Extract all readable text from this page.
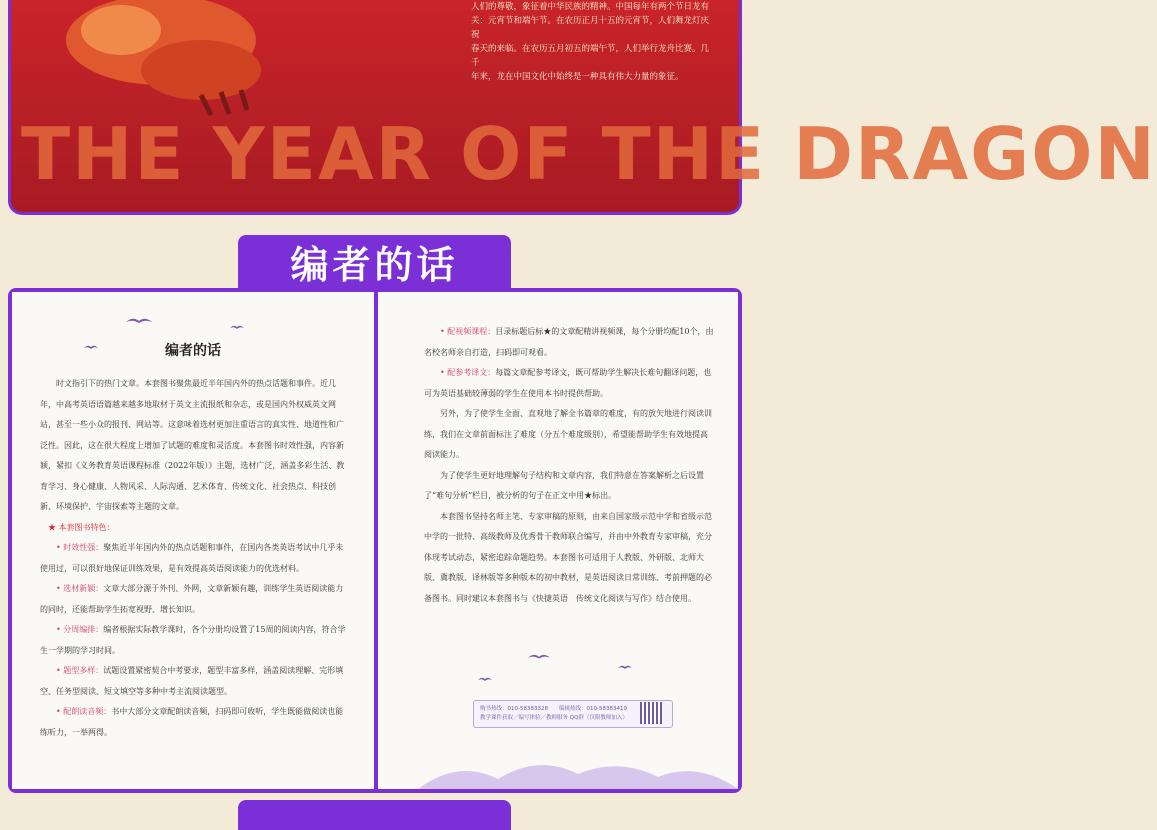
人们的尊敬，象征着中华民族的精神。中国每年有两个节日龙有
关：元宵节和端午节。在农历正月十五的元宵节，人们舞龙灯庆祝
春天的来临。在农历五月初五的端午节，人们举行龙舟比赛。几千
年来，龙在中国文化中始终是一种具有伟大力量的象征。
THE YEAR OF THE DRAGON
编者的话
编者的话

时文指引下的热门文章。本套图书聚焦最近半年国内外的热点话题和事件。近几年，中高考英语语篇越来越多地取材于英文主流报纸和杂志，或是国内外权威英文网站，甚至一些小众的报刊、网站等。这意味着选材更加注重语言的真实性、地道性和广泛性。因此，这在很大程度上增加了试题的难度和灵活度。本套图书时效性强，内容新颖，紧扣《义务教育英语课程标准（2022年版）》主题，选材广泛，涵盖多彩生活、教育学习、身心健康、人物风采、人际沟通、艺术体育、传统文化、社会热点、科技创新、环境保护、宇宙探索等主题的文章。

★ 本套图书特色：

• 时效性强：聚焦近半年国内外的热点话题和事件，在国内各类英语考试中几乎未使用过，可以很好地保证训练效果，是有效提高英语阅读能力的优选材料。

• 选材新颖：文章大部分源于外刊、外网，文章新颖有趣，训练学生英语阅读能力的同时，还能帮助学生拓宽视野、增长知识。

• 分周编排：编者根据实际教学课时，各个分册均设置了15周的阅读内容，符合学生一学期的学习时间。

• 题型多样：试题设置紧密契合中考要求，题型丰富多样，涵盖阅读理解、完形填空、任务型阅读、短文填空等多种中考主流阅读题型。

• 配朗读音频：书中大部分文章配朗读音频，扫码即可收听，学生既能做阅读也能练听力，一举两得。

• 配视频课程：目录标题后标★的文章配精讲视频课，每个分册均配10个，由名校名师亲自打造，扫码即可观看。

• 配参考译文：每篇文章配参考译文，既可帮助学生解决长难句翻译问题，也可为英语基础较薄弱的学生在使用本书时提供帮助。

另外，为了使学生全面、直观地了解全书篇章的难度，有的放矢地进行阅读训练，我们在文章前面标注了难度（分五个难度级别），希望能帮助学生有效地提高阅读能力。

为了使学生更好地理解句子结构和文章内容，我们特意在答案解析之后设置了“难句分析”栏目，被分析的句子在正文中用★标出。

本套图书坚持名师主笔、专家审稿的原则，由来自国家级示范中学和省级示范中学的一批特、高级教师及优秀骨干教师联合编写，并由中外教育专家审稿，充分体现考试动态，紧密追踪命题趋势。本套图书可适用于人教版、外研版、北师大版、冀教版、译林版等多种版本的初中教材，是英语阅读日常训练、考前押题的必备图书。同时建议本套图书与《快捷英语　传统文化阅读与写作》结合使用。

购书热线：010-58383328　　编辑热线：010-58383419
教学课件获取／编写体验／教师服务 QQ群（仅限教师加入）
